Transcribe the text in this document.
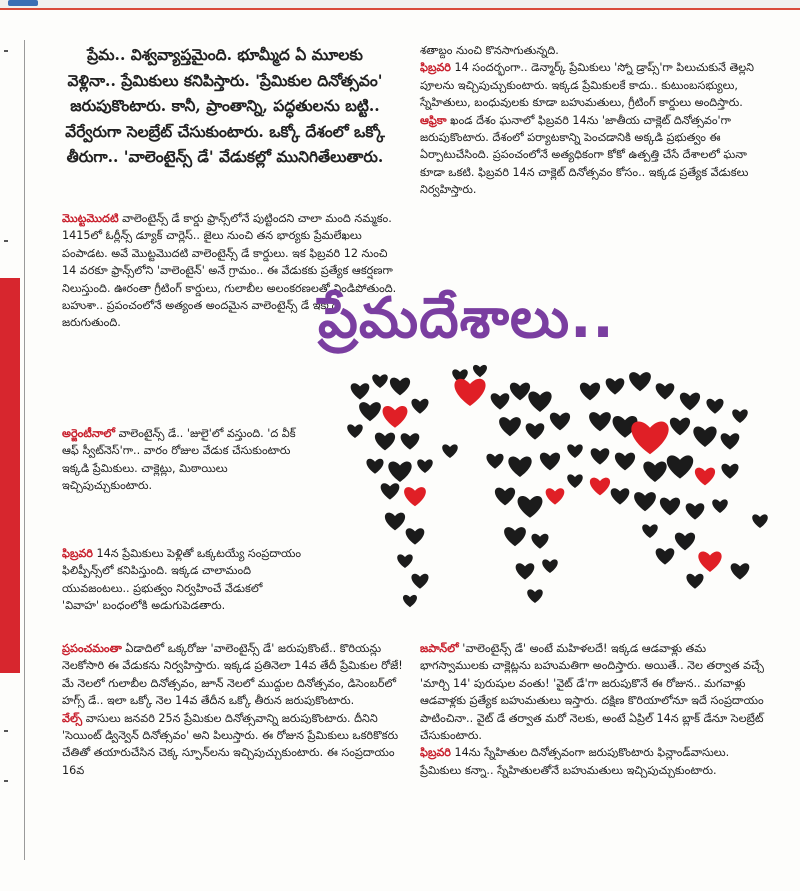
ప్రేమ.. విశ్వవ్యాప్తమైంది. భూమ్మీద ఏ మూలకు వెళ్లినా.. ప్రేమికులు కనిపిస్తారు. 'ప్రేమికుల దినోత్సవం' జరుపుకొంటారు. కానీ, ప్రాంతాన్ని, పద్ధతులను బట్టి.. వేర్వేరుగా సెలబ్రేట్ చేసుకుంటారు. ఒక్కో దేశంలో ఒక్కో తీరుగా.. 'వాలెంటైన్స్ డే' వేడుకల్లో మునిగితేలుతారు.

మొట్టమొదటి వాలెంటైన్స్ డే కార్డు ఫ్రాన్స్‌లోనే పుట్టిందని చాలా మంది నమ్మకం. 1415లో ఓర్లీన్స్ డ్యూక్ చార్లెస్.. జైలు నుంచి తన భార్యకు ప్రేమలేఖలు పంపాడట. అవే మొట్టమొదటి వాలెంటైన్స్ డే కార్డులు. ఇక ఫిబ్రవరి 12 నుంచి 14 వరకూ ఫ్రాన్స్‌లోని 'వాలెంటైన్' అనే గ్రామం.. ఈ వేడుకకు ప్రత్యేక ఆకర్షణగా నిలుస్తుంది. ఊరంతా గ్రీటింగ్ కార్డులు, గులాబీల అలంకరణలతో నిండిపోతుంది. బహుశా.. ప్రపంచంలోనే అత్యంత అందమైన వాలెంటైన్స్ డే ఇక్కడే జరుగుతుంది.

అర్జెంటీనాలో వాలెంటైన్స్ డే.. 'జులై'లో వస్తుంది. 'ద వీక్ ఆఫ్ స్వీట్‌నెస్'గా.. వారం రోజుల వేడుక చేసుకుంటారు ఇక్కడి ప్రేమికులు. చాక్లెట్లు, మిఠాయిలు ఇచ్చిపుచ్చుకుంటారు.

ఫిబ్రవరి 14న ప్రేమికులు పెళ్లితో ఒక్కటయ్యే సంప్రదాయం ఫిలిప్పీన్స్‌లో కనిపిస్తుంది. ఇక్కడ చాలామంది యువజంటలు.. ప్రభుత్వం నిర్వహించే వేడుకలో 'వివాహ' బంధంలోకి అడుగుపెడతారు.

ప్రపంచమంతా ఏడాదిలో ఒక్కరోజు 'వాలెంటైన్స్ డే' జరుపుకొంటే.. కొరియన్లు నెలకోసారి ఈ వేడుకను నిర్వహిస్తారు. ఇక్కడ ప్రతినెలా 14వ తేదీ ప్రేమికుల రోజే! మే నెలలో గులాబీల దినోత్సవం, జూన్ నెలలో ముద్దుల దినోత్సవం, డిసెంబర్‌లో హగ్స్ డే.. ఇలా ఒక్కో నెల 14వ తేదీన ఒక్కో తీరున జరుపుకొంటారు.

వేల్స్ వాసులు జనవరి 25న ప్రేమికుల దినోత్సవాన్ని జరుపుకొంటారు. దీనిని 'సెయింట్ డ్విన్వెన్ దినోత్సవం' అని పిలుస్తారు. ఈ రోజున ప్రేమికులు ఒకరికొకరు చేతితో తయారుచేసిన చెక్క స్పూన్‌లను ఇచ్చిపుచ్చుకుంటారు. ఈ సంప్రదాయం 16వ

శతాబ్దం నుంచి కొనసాగుతున్నది.

ఫిబ్రవరి 14 సందర్భంగా.. డెన్మార్క్ ప్రేమికులు 'స్నో డ్రాప్స్'గా పిలుచుకునే తెల్లని పూలను ఇచ్చిపుచ్చుకుంటారు. ఇక్కడ ప్రేమికులకే కాదు.. కుటుంబసభ్యులు, స్నేహితులు, బంధువులకు కూడా బహుమతులు, గ్రీటింగ్ కార్డులు అందిస్తారు.

ఆఫ్రికా ఖండ దేశం ఘనాలో ఫిబ్రవరి 14ను 'జాతీయ చాక్లెట్ దినోత్సవం'గా జరుపుకొంటారు. దేశంలో పర్యాటకాన్ని పెంచడానికి అక్కడి ప్రభుత్వం ఈ ఏర్పాటుచేసింది. ప్రపంచంలోనే అత్యధికంగా కోకో ఉత్పత్తి చేసే దేశాలలో ఘనా కూడా ఒకటి. ఫిబ్రవరి 14న చాక్లెట్ దినోత్సవం కోసం.. ఇక్కడ ప్రత్యేక వేడుకలు నిర్వహిస్తారు.

ప్రేమదేశాలు..

జపాన్‌లో 'వాలెంటైన్స్ డే' అంటే మహిళలదే! ఇక్కడ ఆడవాళ్లు తమ భాగస్వాములకు చాక్లెట్లను బహుమతిగా అందిస్తారు. అయితే.. నెల తర్వాత వచ్చే 'మార్చి 14' పురుషుల వంతు! 'వైట్ డే'గా జరుపుకొనే ఈ రోజున.. మగవాళ్లు ఆడవాళ్లకు ప్రత్యేక బహుమతులు ఇస్తారు. దక్షిణ కొరియాలోనూ ఇదే సంప్రదాయం పాటించినా.. వైట్ డే తర్వాత మరో నెలకు, అంటే ఏప్రిల్ 14న బ్లాక్ డేనూ సెలబ్రేట్ చేసుకుంటారు.

ఫిబ్రవరి 14ను స్నేహితుల దినోత్సవంగా జరుపుకొంటారు ఫిన్లాండ్‌వాసులు. ప్రేమికులు కన్నా.. స్నేహితులతోనే బహుమతులు ఇచ్చిపుచ్చుకుంటారు.
